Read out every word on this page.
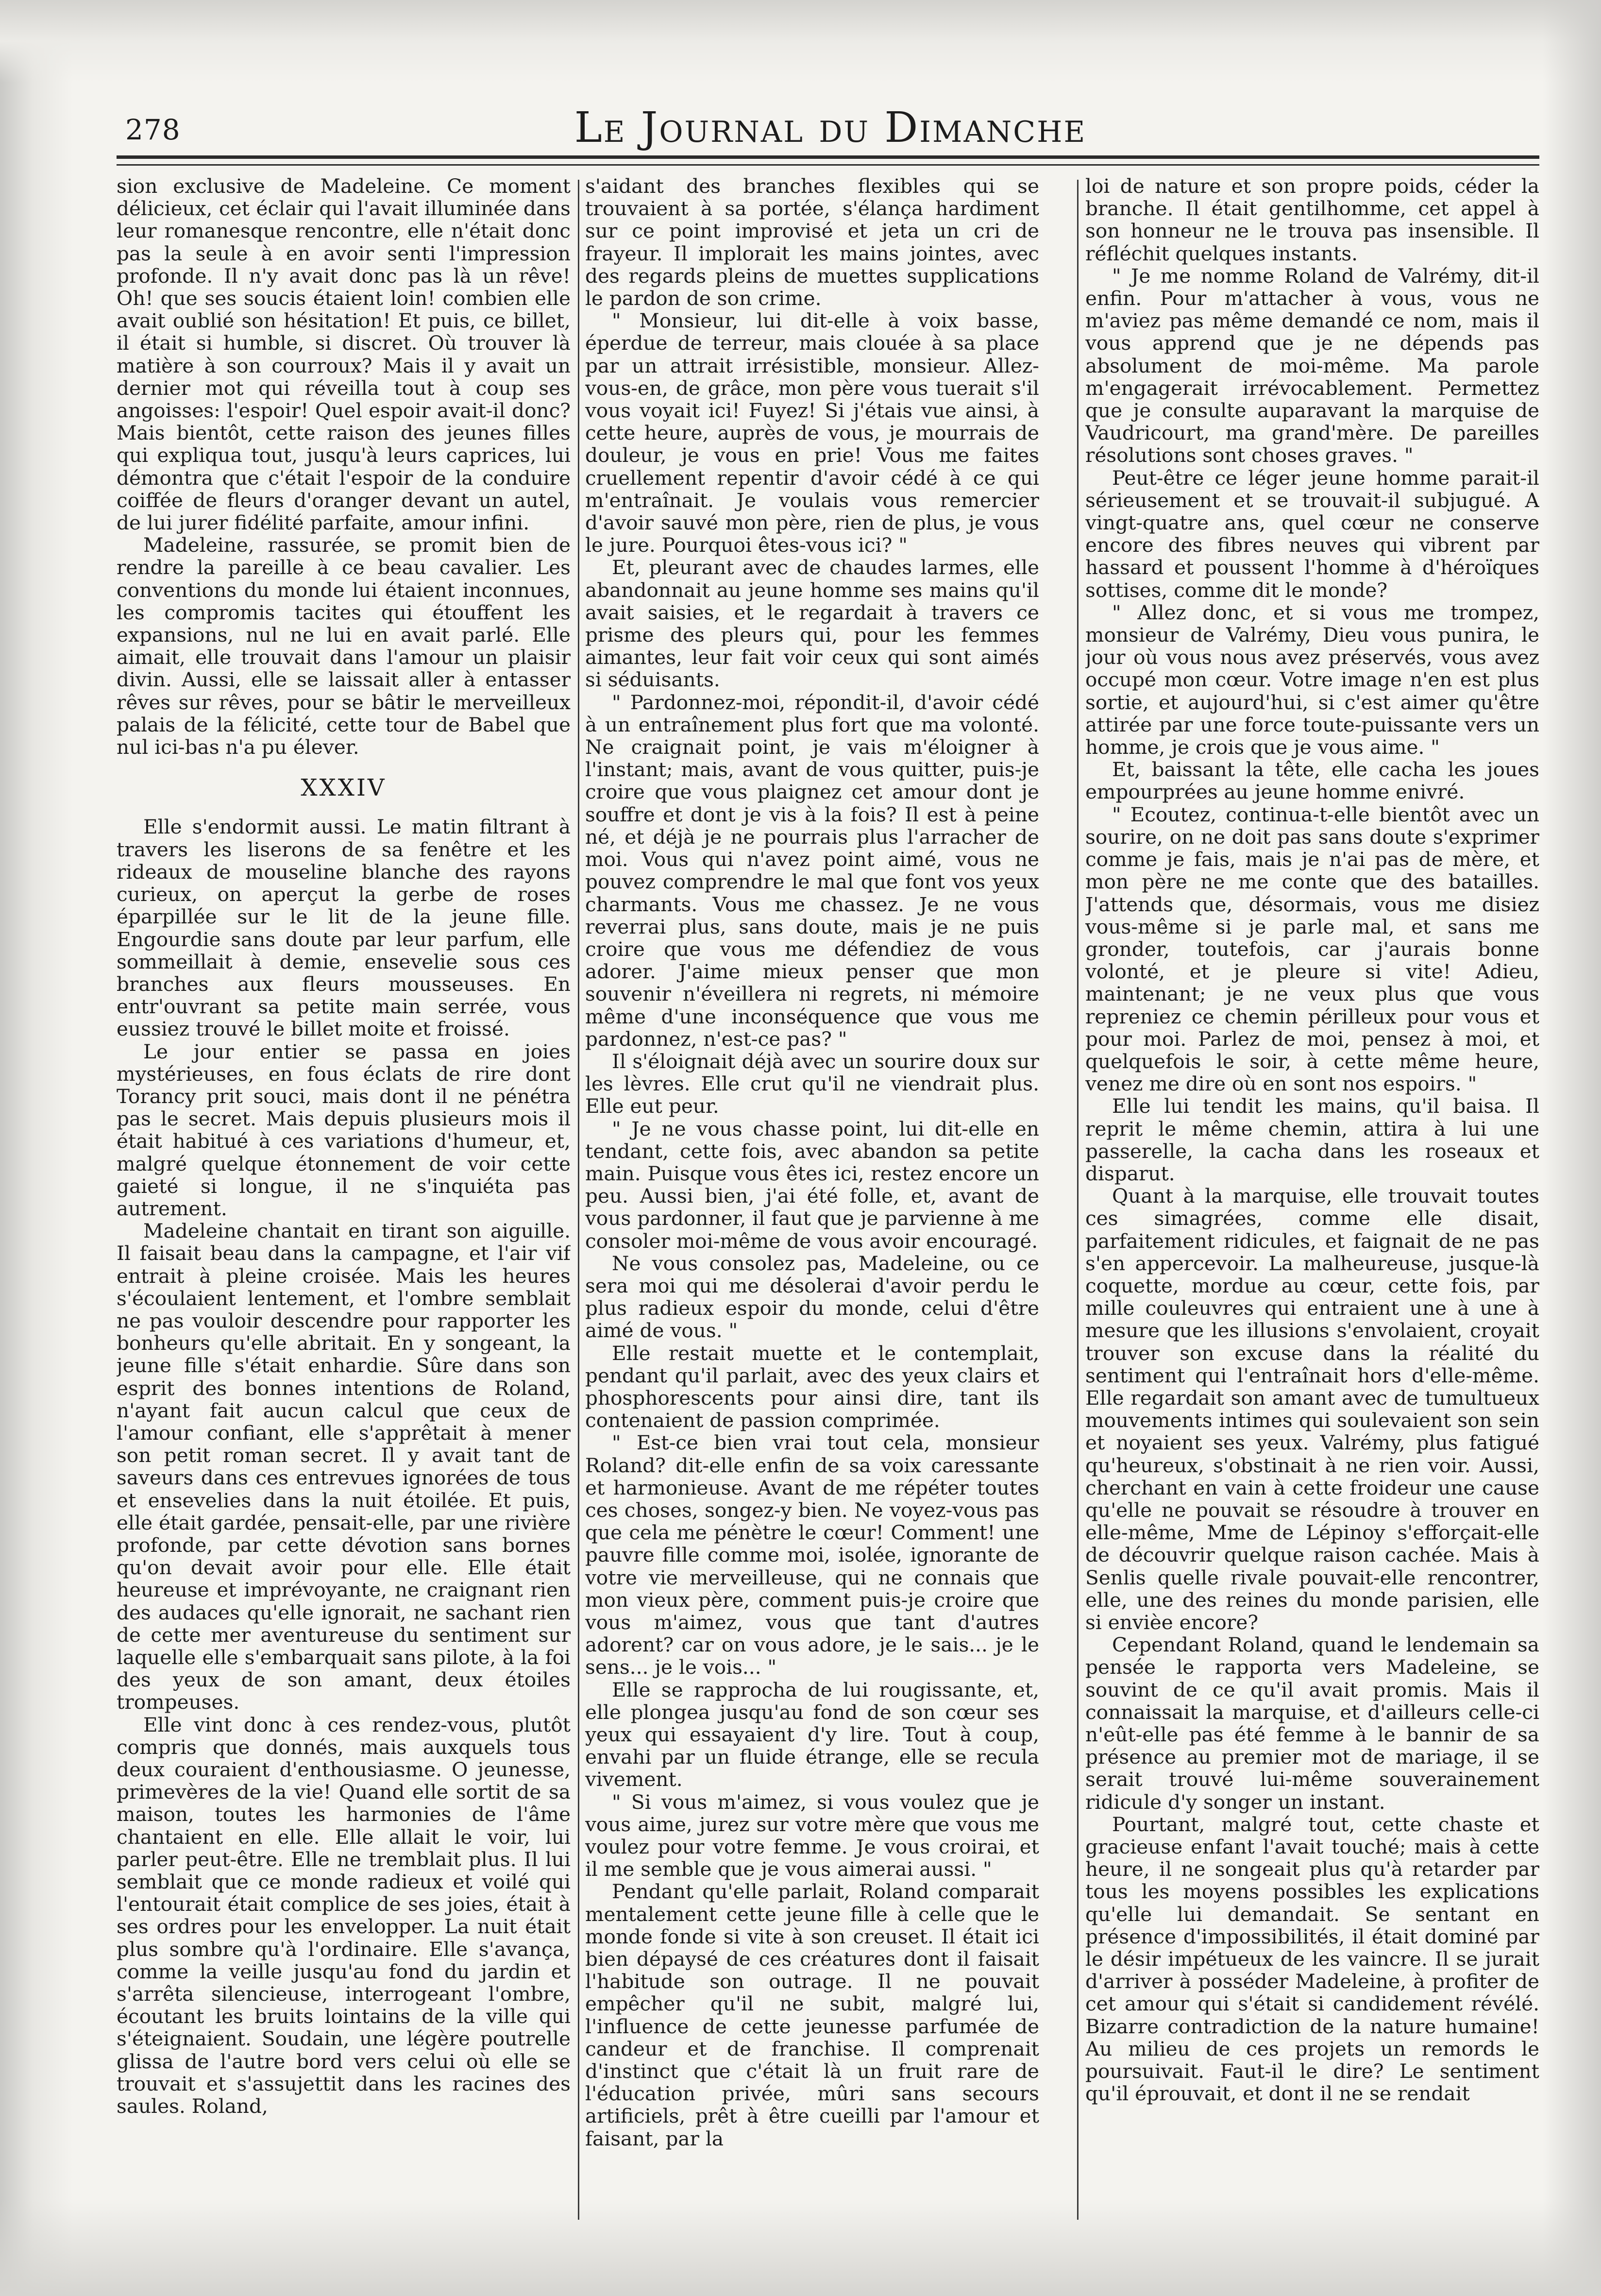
278	Le Journal du Dimanche

sion exclusive de Madeleine. Ce moment délicieux, cet éclair qui l'avait illuminée dans leur romanesque rencontre, elle n'était donc pas la seule à en avoir senti l'impression profonde. Il n'y avait donc pas là un rêve! Oh! que ses soucis étaient loin! combien elle avait oublié son hésitation! Et puis, ce billet, il était si humble, si discret. Où trouver là matière à son courroux? Mais il y avait un dernier mot qui réveilla tout à coup ses angoisses: l'espoir! Quel espoir avait-il donc? Mais bientôt, cette raison des jeunes filles qui expliqua tout, jusqu'à leurs caprices, lui démontra que c'était l'espoir de la conduire coiffée de fleurs d'oranger devant un autel, de lui jurer fidélité parfaite, amour infini.

Madeleine, rassurée, se promit bien de rendre la pareille à ce beau cavalier. Les conventions du monde lui étaient inconnues, les compromis tacites qui étouffent les expansions, nul ne lui en avait parlé. Elle aimait, elle trouvait dans l'amour un plaisir divin. Aussi, elle se laissait aller à entasser rêves sur rêves, pour se bâtir le merveilleux palais de la félicité, cette tour de Babel que nul ici-bas n'a pu élever.

XXXIV

Elle s'endormit aussi. Le matin filtrant à travers les liserons de sa fenêtre et les rideaux de mouseline blanche des rayons curieux, on aperçut la gerbe de roses éparpillée sur le lit de la jeune fille. Engourdie sans doute par leur parfum, elle sommeillait à demie, ensevelie sous ces branches aux fleurs mousseuses. En entr'ouvrant sa petite main serrée, vous eussiez trouvé le billet moite et froissé.

Le jour entier se passa en joies mystérieuses, en fous éclats de rire dont Torancy prit souci, mais dont il ne pénétra pas le secret. Mais depuis plusieurs mois il était habitué à ces variations d'humeur, et, malgré quelque étonnement de voir cette gaieté si longue, il ne s'inquiéta pas autrement.

Madeleine chantait en tirant son aiguille. Il faisait beau dans la campagne, et l'air vif entrait à pleine croisée. Mais les heures s'écoulaient lentement, et l'ombre semblait ne pas vouloir descendre pour rapporter les bonheurs qu'elle abritait. En y songeant, la jeune fille s'était enhardie. Sûre dans son esprit des bonnes intentions de Roland, n'ayant fait aucun calcul que ceux de l'amour confiant, elle s'apprêtait à mener son petit roman secret. Il y avait tant de saveurs dans ces entrevues ignorées de tous et ensevelies dans la nuit étoilée. Et puis, elle était gardée, pensait-elle, par une rivière profonde, par cette dévotion sans bornes qu'on devait avoir pour elle. Elle était heureuse et imprévoyante, ne craignant rien des audaces qu'elle ignorait, ne sachant rien de cette mer aventureuse du sentiment sur laquelle elle s'embarquait sans pilote, à la foi des yeux de son amant, deux étoiles trompeuses.

Elle vint donc à ces rendez-vous, plutôt compris que donnés, mais auxquels tous deux couraient d'enthousiasme. O jeunesse, primevères de la vie! Quand elle sortit de sa maison, toutes les harmonies de l'âme chantaient en elle. Elle allait le voir, lui parler peut-être. Elle ne tremblait plus. Il lui semblait que ce monde radieux et voilé qui l'entourait était complice de ses joies, était à ses ordres pour les envelopper. La nuit était plus sombre qu'à l'ordinaire. Elle s'avança, comme la veille jusqu'au fond du jardin et s'arrêta silencieuse, interrogeant l'ombre, écoutant les bruits lointains de la ville qui s'éteignaient. Soudain, une légère poutrelle glissa de l'autre bord vers celui où elle se trouvait et s'assujettit dans les racines des saules. Roland,

s'aidant des branches flexibles qui se trouvaient à sa portée, s'élança hardiment sur ce point improvisé et jeta un cri de frayeur. Il implorait les mains jointes, avec des regards pleins de muettes supplications le pardon de son crime.

" Monsieur, lui dit-elle à voix basse, éperdue de terreur, mais clouée à sa place par un attrait irrésistible, monsieur. Allez-vous-en, de grâce, mon père vous tuerait s'il vous voyait ici! Fuyez! Si j'étais vue ainsi, à cette heure, auprès de vous, je mourrais de douleur, je vous en prie! Vous me faites cruellement repentir d'avoir cédé à ce qui m'entraînait. Je voulais vous remercier d'avoir sauvé mon père, rien de plus, je vous le jure. Pourquoi êtes-vous ici? "

Et, pleurant avec de chaudes larmes, elle abandonnait au jeune homme ses mains qu'il avait saisies, et le regardait à travers ce prisme des pleurs qui, pour les femmes aimantes, leur fait voir ceux qui sont aimés si séduisants.

" Pardonnez-moi, répondit-il, d'avoir cédé à un entraînement plus fort que ma volonté. Ne craignait point, je vais m'éloigner à l'instant; mais, avant de vous quitter, puis-je croire que vous plaignez cet amour dont je souffre et dont je vis à la fois? Il est à peine né, et déjà je ne pourrais plus l'arracher de moi. Vous qui n'avez point aimé, vous ne pouvez comprendre le mal que font vos yeux charmants. Vous me chassez. Je ne vous reverrai plus, sans doute, mais je ne puis croire que vous me défendiez de vous adorer. J'aime mieux penser que mon souvenir n'éveillera ni regrets, ni mémoire même d'une inconséquence que vous me pardonnez, n'est-ce pas? "

Il s'éloignait déjà avec un sourire doux sur les lèvres. Elle crut qu'il ne viendrait plus. Elle eut peur.

" Je ne vous chasse point, lui dit-elle en tendant, cette fois, avec abandon sa petite main. Puisque vous êtes ici, restez encore un peu. Aussi bien, j'ai été folle, et, avant de vous pardonner, il faut que je parvienne à me consoler moi-même de vous avoir encouragé.

Ne vous consolez pas, Madeleine, ou ce sera moi qui me désolerai d'avoir perdu le plus radieux espoir du monde, celui d'être aimé de vous. "

Elle restait muette et le contemplait, pendant qu'il parlait, avec des yeux clairs et phosphorescents pour ainsi dire, tant ils contenaient de passion comprimée.

" Est-ce bien vrai tout cela, monsieur Roland? dit-elle enfin de sa voix caressante et harmonieuse. Avant de me répéter toutes ces choses, songez-y bien. Ne voyez-vous pas que cela me pénètre le cœur! Comment! une pauvre fille comme moi, isolée, ignorante de votre vie merveilleuse, qui ne connais que mon vieux père, comment puis-je croire que vous m'aimez, vous que tant d'autres adorent? car on vous adore, je le sais... je le sens... je le vois... "

Elle se rapprocha de lui rougissante, et, elle plongea jusqu'au fond de son cœur ses yeux qui essayaient d'y lire. Tout à coup, envahi par un fluide étrange, elle se recula vivement.

" Si vous m'aimez, si vous voulez que je vous aime, jurez sur votre mère que vous me voulez pour votre femme. Je vous croirai, et il me semble que je vous aimerai aussi. "

Pendant qu'elle parlait, Roland comparait mentalement cette jeune fille à celle que le monde fonde si vite à son creuset. Il était ici bien dépaysé de ces créatures dont il faisait l'habitude son outrage. Il ne pouvait empêcher qu'il ne subit, malgré lui, l'influence de cette jeunesse parfumée de candeur et de franchise. Il comprenait d'instinct que c'était là un fruit rare de l'éducation privée, mûri sans secours artificiels, prêt à être cueilli par l'amour et faisant, par la

loi de nature et son propre poids, céder la branche. Il était gentilhomme, cet appel à son honneur ne le trouva pas insensible. Il réfléchit quelques instants.

" Je me nomme Roland de Valrémy, dit-il enfin. Pour m'attacher à vous, vous ne m'aviez pas même demandé ce nom, mais il vous apprend que je ne dépends pas absolument de moi-même. Ma parole m'engagerait irrévocablement. Permettez que je consulte auparavant la marquise de Vaudricourt, ma grand'mère. De pareilles résolutions sont choses graves. "

Peut-être ce léger jeune homme parait-il sérieusement et se trouvait-il subjugué. A vingt-quatre ans, quel cœur ne conserve encore des fibres neuves qui vibrent par hassard et poussent l'homme à d'héroïques sottises, comme dit le monde?

" Allez donc, et si vous me trompez, monsieur de Valrémy, Dieu vous punira, le jour où vous nous avez préservés, vous avez occupé mon cœur. Votre image n'en est plus sortie, et aujourd'hui, si c'est aimer qu'être attirée par une force toute-puissante vers un homme, je crois que je vous aime. "

Et, baissant la tête, elle cacha les joues empourprées au jeune homme enivré.

" Ecoutez, continua-t-elle bientôt avec un sourire, on ne doit pas sans doute s'exprimer comme je fais, mais je n'ai pas de mère, et mon père ne me conte que des batailles. J'attends que, désormais, vous me disiez vous-même si je parle mal, et sans me gronder, toutefois, car j'aurais bonne volonté, et je pleure si vite! Adieu, maintenant; je ne veux plus que vous repreniez ce chemin périlleux pour vous et pour moi. Parlez de moi, pensez à moi, et quelquefois le soir, à cette même heure, venez me dire où en sont nos espoirs. "

Elle lui tendit les mains, qu'il baisa. Il reprit le même chemin, attira à lui une passerelle, la cacha dans les roseaux et disparut.

Quant à la marquise, elle trouvait toutes ces simagrées, comme elle disait, parfaitement ridicules, et faignait de ne pas s'en appercevoir. La malheureuse, jusque-là coquette, mordue au cœur, cette fois, par mille couleuvres qui entraient une à une à mesure que les illusions s'envolaient, croyait trouver son excuse dans la réalité du sentiment qui l'entraînait hors d'elle-même. Elle regardait son amant avec de tumultueux mouvements intimes qui soulevaient son sein et noyaient ses yeux. Valrémy, plus fatigué qu'heureux, s'obstinait à ne rien voir. Aussi, cherchant en vain à cette froideur une cause qu'elle ne pouvait se résoudre à trouver en elle-même, Mme de Lépinoy s'efforçait-elle de découvrir quelque raison cachée. Mais à Senlis quelle rivale pouvait-elle rencontrer, elle, une des reines du monde parisien, elle si envièe encore?

Cependant Roland, quand le lendemain sa pensée le rapporta vers Madeleine, se souvint de ce qu'il avait promis. Mais il connaissait la marquise, et d'ailleurs celle-ci n'eût-elle pas été femme à le bannir de sa présence au premier mot de mariage, il se serait trouvé lui-même souverainement ridicule d'y songer un instant.

Pourtant, malgré tout, cette chaste et gracieuse enfant l'avait touché; mais à cette heure, il ne songeait plus qu'à retarder par tous les moyens possibles les explications qu'elle lui demandait. Se sentant en présence d'impossibilités, il était dominé par le désir impétueux de les vaincre. Il se jurait d'arriver à posséder Madeleine, à profiter de cet amour qui s'était si candidement révélé. Bizarre contradiction de la nature humaine! Au milieu de ces projets un remords le poursuivait. Faut-il le dire? Le sentiment qu'il éprouvait, et dont il ne se rendait
